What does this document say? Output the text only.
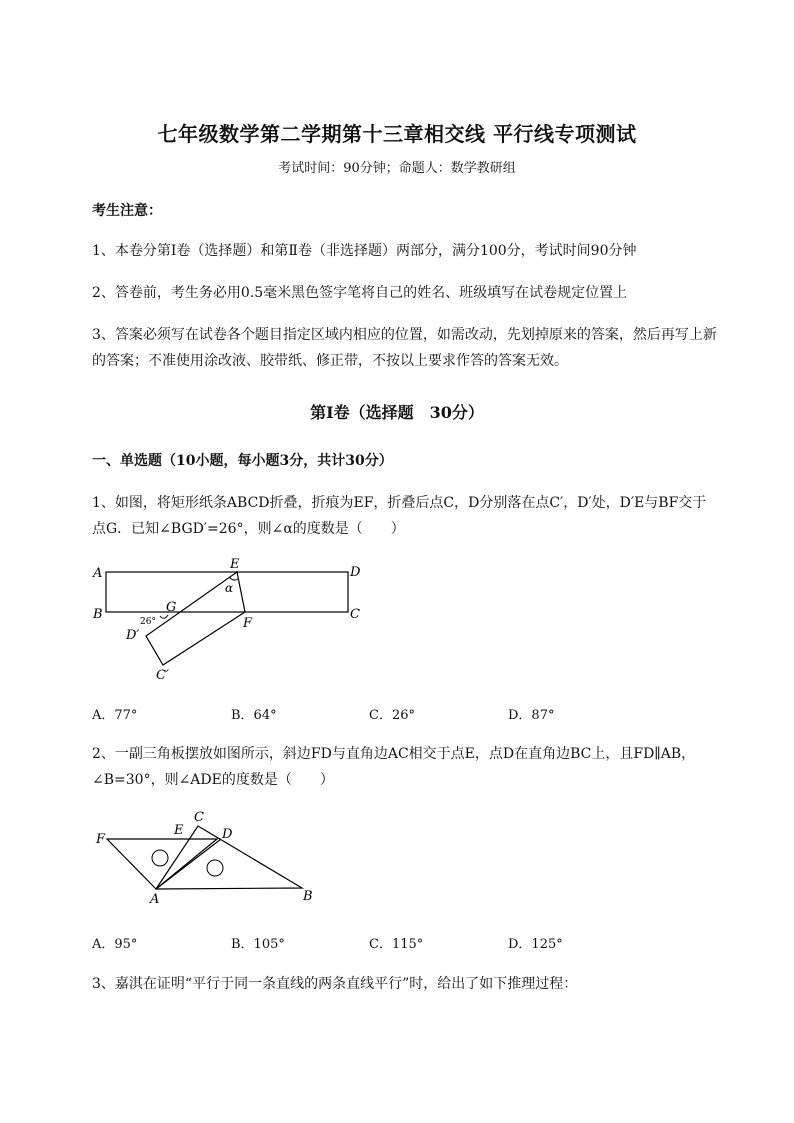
七年级数学第二学期第十三章相交线 平行线专项测试
考试时间：90分钟；命题人：数学教研组
考生注意：
1、本卷分第Ⅰ卷（选择题）和第Ⅱ卷（非选择题）两部分，满分100分，考试时间90分钟
2、答卷前，考生务必用0.5毫米黑色签字笔将自己的姓名、班级填写在试卷规定位置上
3、答案必须写在试卷各个题目指定区域内相应的位置，如需改动，先划掉原来的答案，然后再写上新的答案；不准使用涂改液、胶带纸、修正带，不按以上要求作答的答案无效。
第Ⅰ卷（选择题　30分）
一、单选题（10小题，每小题3分，共计30分）
1、如图，将矩形纸条ABCD折叠，折痕为EF，折叠后点C，D分别落在点C′，D′处，D′E与BF交于点G．已知∠BGD′=26°，则∠α的度数是（　　）
A
B	C
D
E
F
G
D′
C′
α
26°
A．77°	B．64°	C．26°	D．87°
2、一副三角板摆放如图所示，斜边FD与直角边AC相交于点E，点D在直角边BC上，且FD∥AB，∠B=30°，则∠ADE的度数是（　　）
F
E
C
D
A	B
A．95°	B．105°	C．115°	D．125°
3、嘉淇在证明“平行于同一条直线的两条直线平行”时，给出了如下推理过程：
